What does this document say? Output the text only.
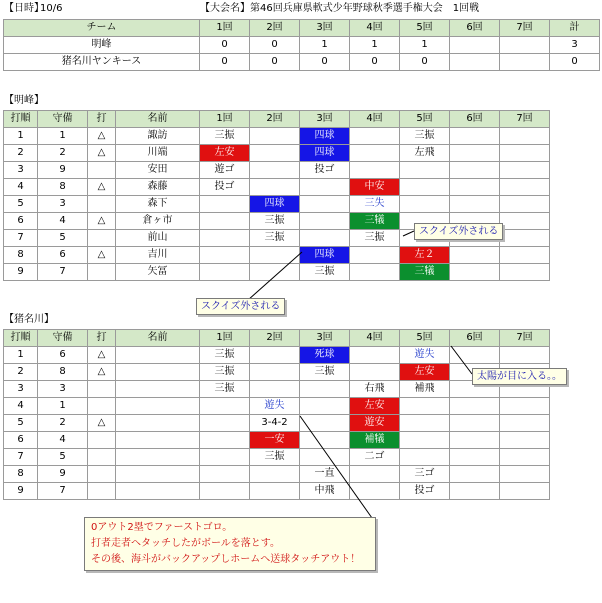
【日時】
10/6	【大会名】 第46回兵庫県軟式少年野球秋季選手権大会　1回戦
チーム	1回	2回	3回	4回	5回	6回	7回	計
明峰	0	0	1	1	1			3
猪名川ヤンキース	0	0	0	0	0			0
【明峰】
打順	守備	打	名前	1回	2回	3回	4回	5回	6回	7回
1	1	△	諏訪	三振		四球		三振		
2	2	△	川端	左安		四球		左飛		
3	9		安田	遊ゴ		投ゴ				
4	8	△	森藤	投ゴ			中安			
5	3		森下		四球		三失			
6	4	△	倉ヶ市		三振		三犠			
7	5		前山		三振		三振			
8	6	△	吉川			四球		左２		
9	7		矢冨			三振		三犠		
【猪名川】
打順	守備	打	名前	1回	2回	3回	4回	5回	6回	7回
1	6	△		三振		死球		遊失		
2	8	△		三振		三振		左安		
3	3			三振			右飛	補飛		
4	1				遊失		左安			
5	2	△			3-4-2		遊安			
6	4				一安		補犠			
7	5				三振		二ゴ			
8	9					一直		三ゴ		
9	7					中飛		投ゴ		
スクイズ外される
スクイズ外される
太陽が目に入る。。
0アウト2塁でファーストゴロ。
打者走者へタッチしたがボールを落とす。
その後、海斗がバックアップしホームへ送球タッチアウト！
